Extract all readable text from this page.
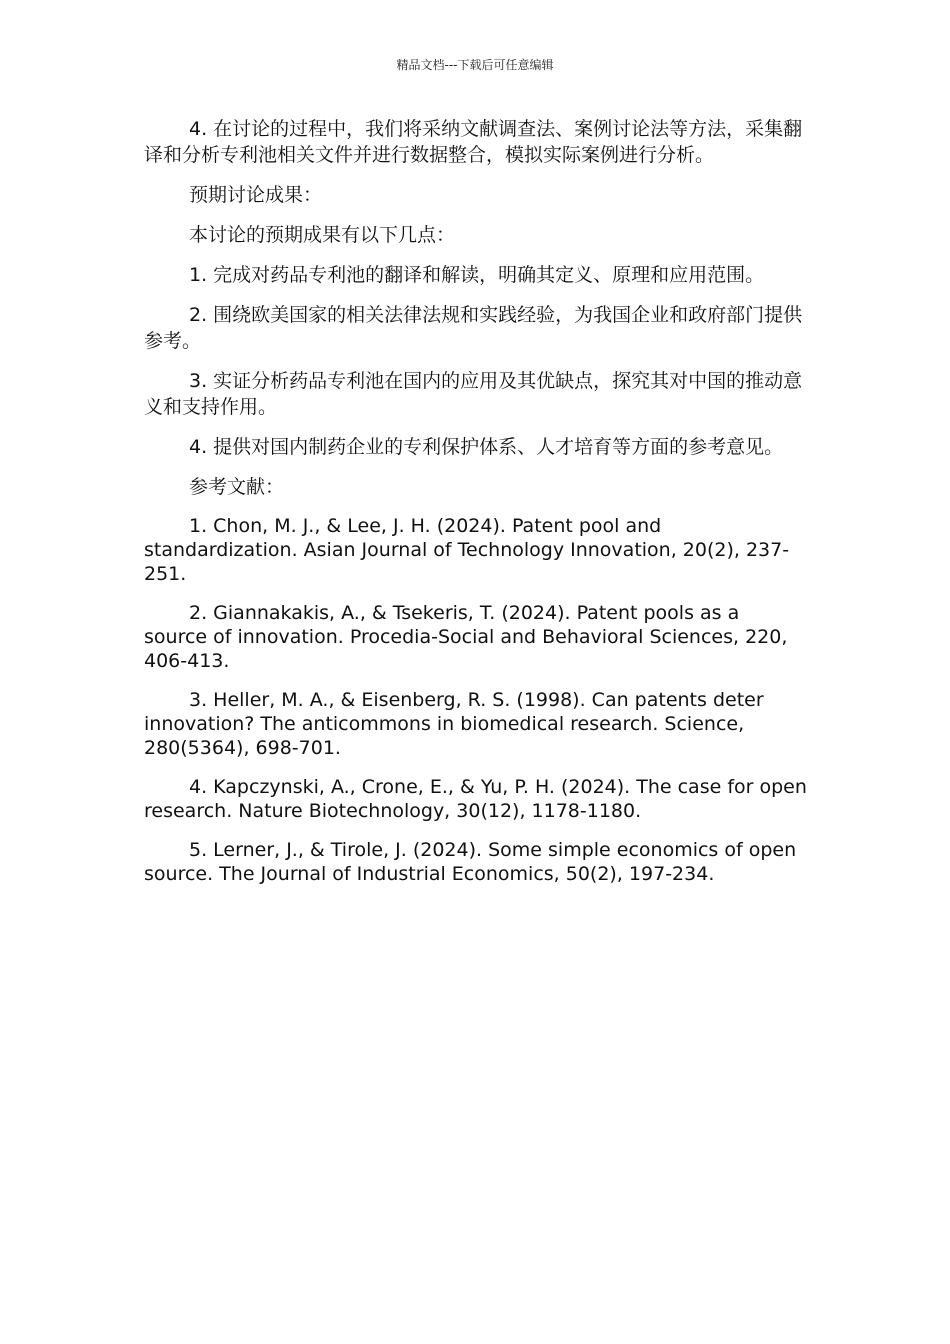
精品文档---下载后可任意编辑

4. 在讨论的过程中，我们将采纳文献调查法、案例讨论法等方法，采集翻译和分析专利池相关文件并进行数据整合，模拟实际案例进行分析。

预期讨论成果：

本讨论的预期成果有以下几点：

1. 完成对药品专利池的翻译和解读，明确其定义、原理和应用范围。

2. 围绕欧美国家的相关法律法规和实践经验，为我国企业和政府部门提供参考。

3. 实证分析药品专利池在国内的应用及其优缺点，探究其对中国的推动意义和支持作用。

4. 提供对国内制药企业的专利保护体系、人才培育等方面的参考意见。

参考文献：

1. Chon, M. J., & Lee, J. H. (2024). Patent pool and standardization. Asian Journal of Technology Innovation, 20(2), 237-251.

2. Giannakakis, A., & Tsekeris, T. (2024). Patent pools as a source of innovation. Procedia-Social and Behavioral Sciences, 220, 406-413.

3. Heller, M. A., & Eisenberg, R. S. (1998). Can patents deter innovation? The anticommons in biomedical research. Science, 280(5364), 698-701.

4. Kapczynski, A., Crone, E., & Yu, P. H. (2024). The case for open research. Nature Biotechnology, 30(12), 1178-1180.

5. Lerner, J., & Tirole, J. (2024). Some simple economics of open source. The Journal of Industrial Economics, 50(2), 197-234.
